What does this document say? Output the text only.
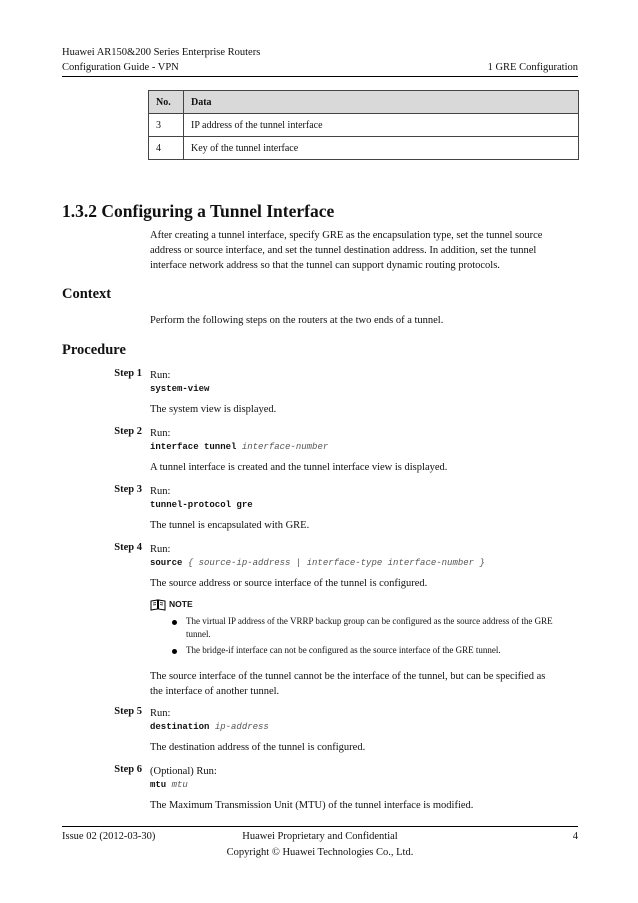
Huawei AR150&200 Series Enterprise Routers
Configuration Guide - VPN	1 GRE Configuration
No.	Data
3	IP address of the tunnel interface
4	Key of the tunnel interface
1.3.2 Configuring a Tunnel Interface
After creating a tunnel interface, specify GRE as the encapsulation type, set the tunnel source
address or source interface, and set the tunnel destination address. In addition, set the tunnel
interface network address so that the tunnel can support dynamic routing protocols.
Context
Perform the following steps on the routers at the two ends of a tunnel.
Procedure
Step 1 Run:
system-view
The system view is displayed.
Step 2 Run:
interface tunnel interface-number
A tunnel interface is created and the tunnel interface view is displayed.
Step 3 Run:
tunnel-protocol gre
The tunnel is encapsulated with GRE.
Step 4 Run:
source { source-ip-address | interface-type interface-number }
The source address or source interface of the tunnel is configured.
NOTE
The virtual IP address of the VRRP backup group can be configured as the source address of the GRE
tunnel.
The bridge-if interface can not be configured as the source interface of the GRE tunnel.
The source interface of the tunnel cannot be the interface of the tunnel, but can be specified as
the interface of another tunnel.
Step 5 Run:
destination ip-address
The destination address of the tunnel is configured.
Step 6 (Optional) Run:
mtu mtu
The Maximum Transmission Unit (MTU) of the tunnel interface is modified.
Issue 02 (2012-03-30)	Huawei Proprietary and Confidential
Copyright © Huawei Technologies Co., Ltd.
4
